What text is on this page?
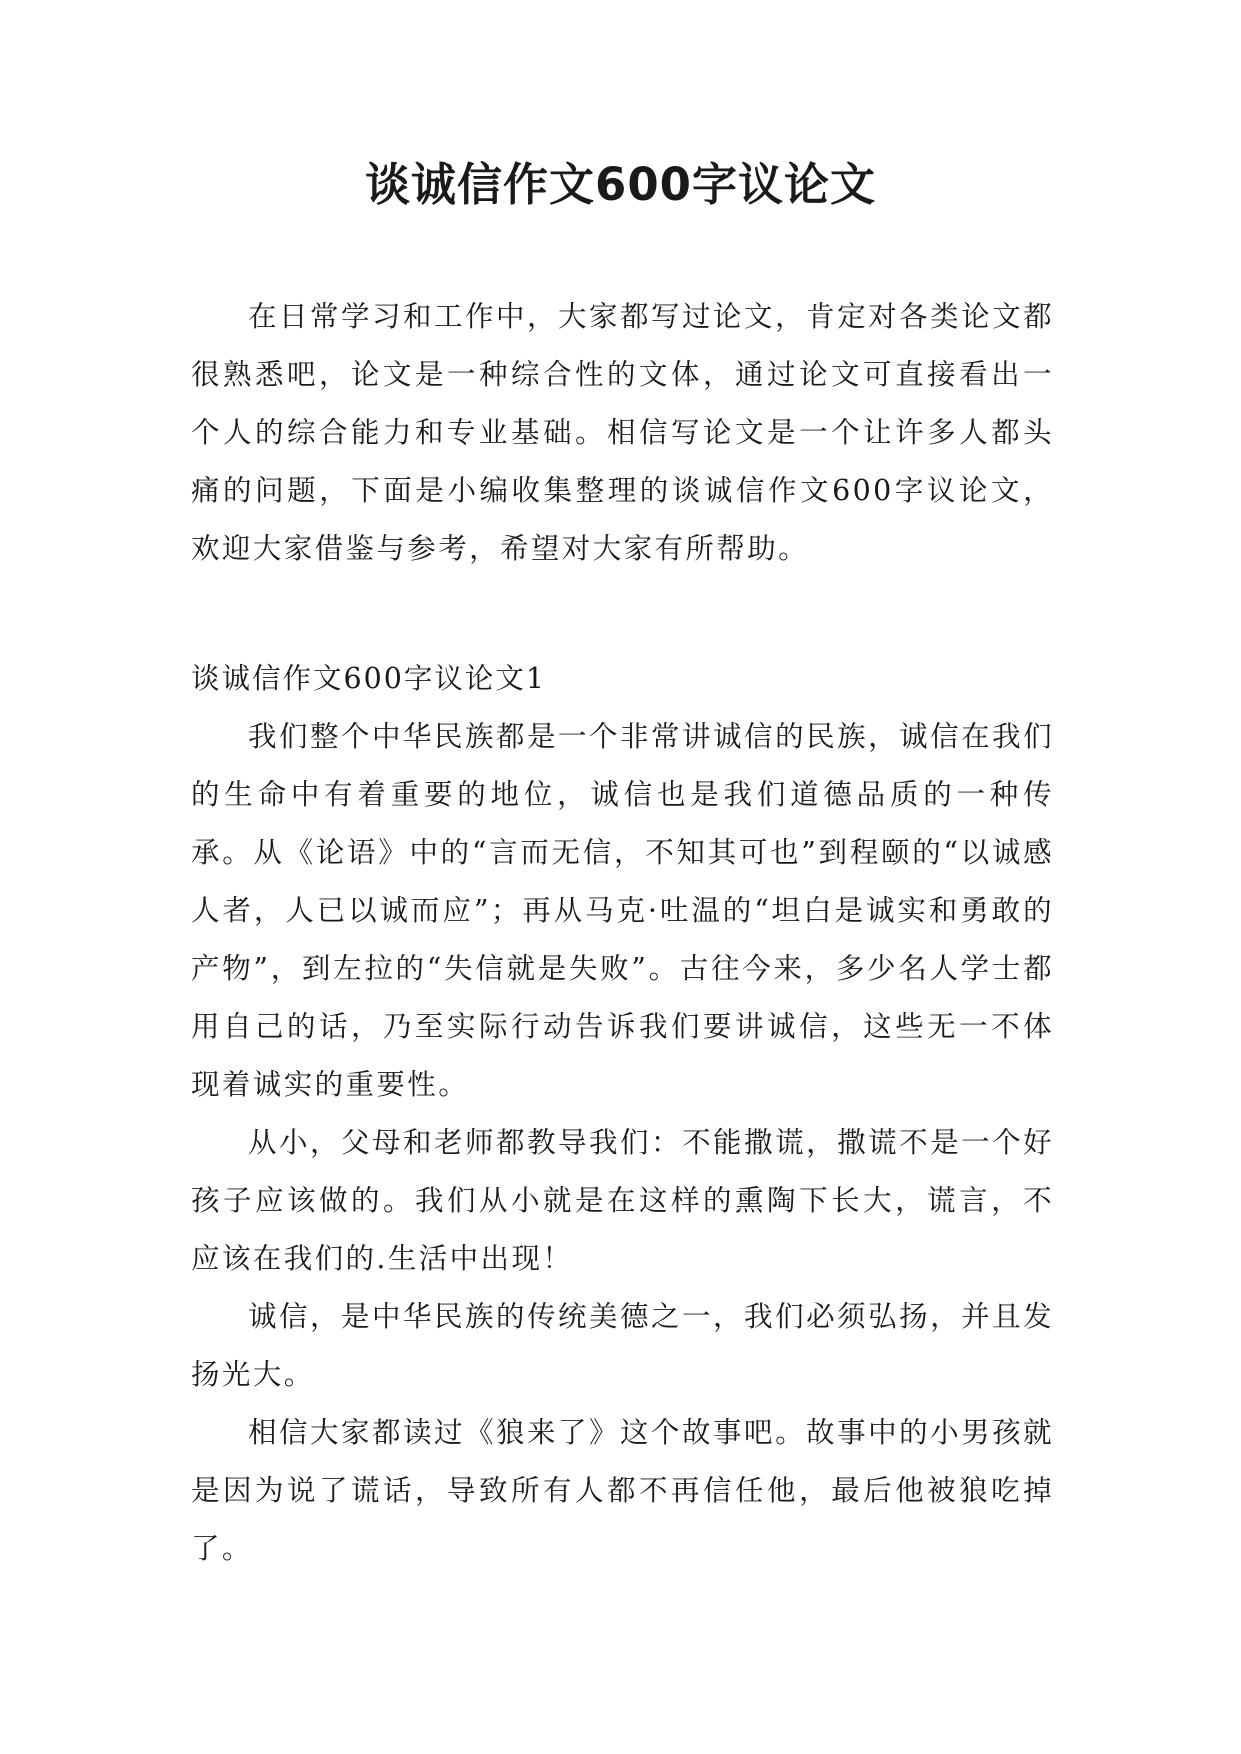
谈诚信作文600字议论文

在日常学习和工作中，大家都写过论文，肯定对各类论文都很熟悉吧，论文是一种综合性的文体，通过论文可直接看出一个人的综合能力和专业基础。相信写论文是一个让许多人都头痛的问题，下面是小编收集整理的谈诚信作文600字议论文，欢迎大家借鉴与参考，希望对大家有所帮助。

谈诚信作文600字议论文1

我们整个中华民族都是一个非常讲诚信的民族，诚信在我们的生命中有着重要的地位，诚信也是我们道德品质的一种传承。从《论语》中的“言而无信，不知其可也”到程颐的“以诚感人者，人已以诚而应”；再从马克·吐温的“坦白是诚实和勇敢的产物”，到左拉的“失信就是失败”。古往今来，多少名人学士都用自己的话，乃至实际行动告诉我们要讲诚信，这些无一不体现着诚实的重要性。

从小，父母和老师都教导我们：不能撒谎，撒谎不是一个好孩子应该做的。我们从小就是在这样的熏陶下长大，谎言，不应该在我们的.生活中出现！

诚信，是中华民族的传统美德之一，我们必须弘扬，并且发扬光大。

相信大家都读过《狼来了》这个故事吧。故事中的小男孩就是因为说了谎话，导致所有人都不再信任他，最后他被狼吃掉了。
